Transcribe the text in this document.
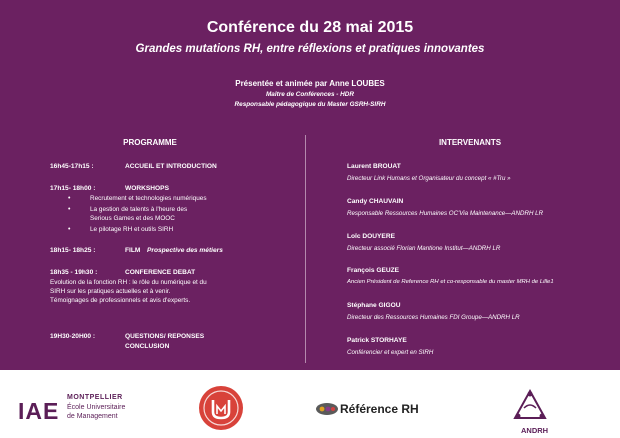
Conférence du 28 mai 2015
Grandes mutations RH, entre réflexions et pratiques innovantes
Présentée et animée par Anne LOUBES
Maître de Conférences - HDR
Responsable pédagogique du Master GSRH-SIRH
PROGRAMME	INTERVENANTS
16h45-17h15 :	ACCUEIL ET INTRODUCTION
17h15- 18h00 :	WORKSHOPS
•	Recrutement et technologies numériques
•	La gestion de talents à l'heure des Serious Games et des MOOC
•	Le pilotage RH et outils SIRH
18h15- 18h25 :	FILM Prospective des métiers
18h35 - 19h30 :	CONFERENCE DEBAT
Evolution de la fonction RH : le rôle du numérique et du
SIRH sur les pratiques actuelles et à venir.
Témoignages de professionnels et avis d'experts.
19H30-20H00 :	QUESTIONS/ REPONSES
CONCLUSION
Laurent BROUAT
Directeur Link Humans et Organisateur du concept « #Tru »
Candy CHAUVAIN
Responsable Ressources Humaines OC'Via Maintenance—ANDRH LR
Loïc DOUYERE
Directeur associé Florian Mantione Institut—ANDRH LR
François GEUZE
Ancien Président de Reference RH et co-responsable du master MRH de Lille1
Stéphane GIGOU
Directeur des Ressources Humaines FDI Groupe—ANDRH LR
Patrick STORHAYE
Conférencier et expert en SIRH
IAE
MONTPELLIER
École Universitaire
de Management
Référence RH
ANDRH
